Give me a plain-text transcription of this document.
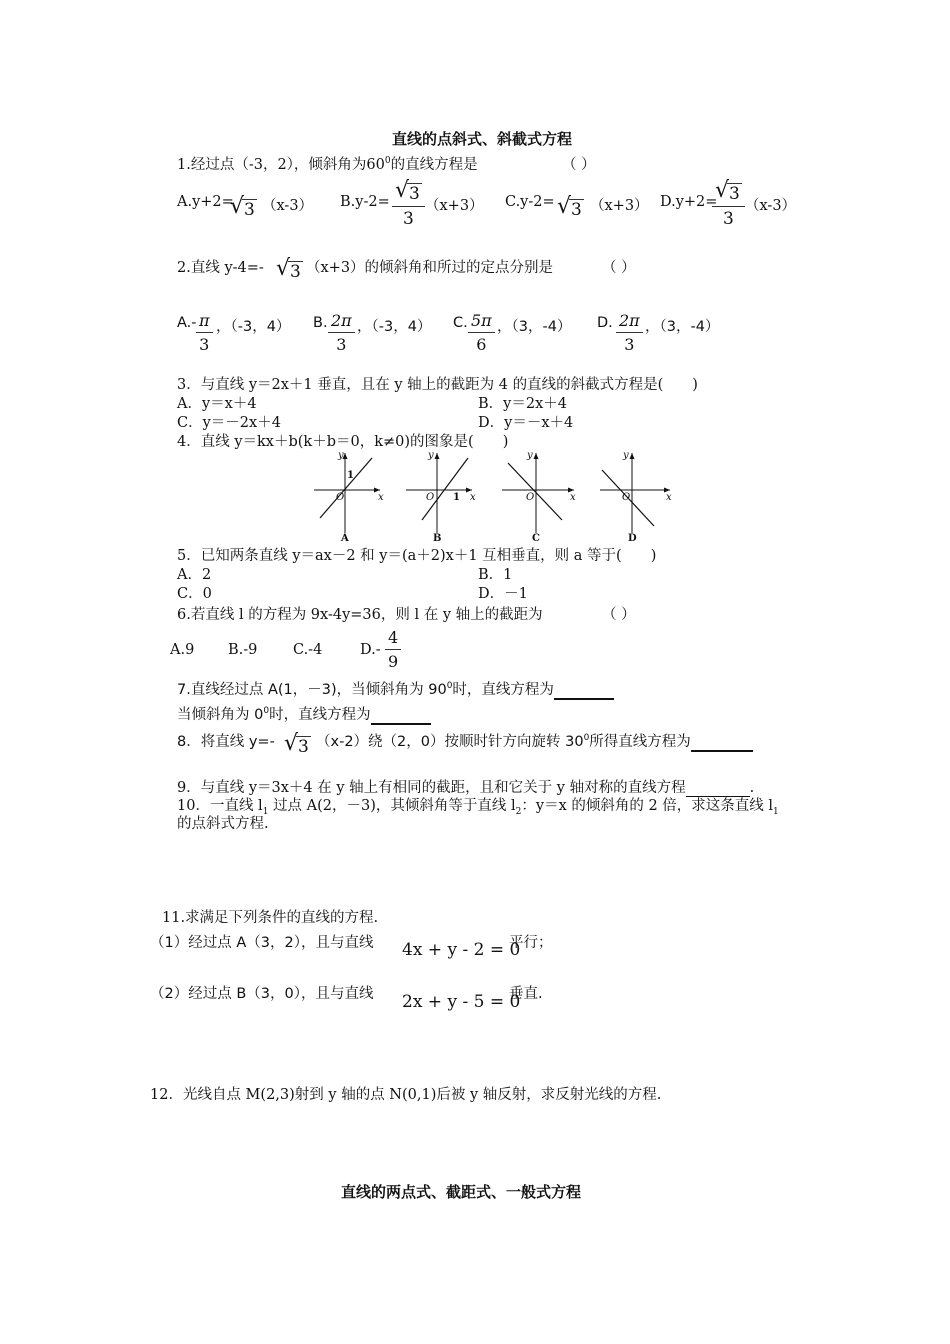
直线的点斜式、斜截式方程
1.经过点（-3，2），倾斜角为$60^0$的直线方程是	（ ）
A.y+2=
√ 3 （x-3） $B.y-2= \frac{√ 3}{3} (x+3)$ C.y-2= √ 3 （x+3） D.y+2=
$\frac{√ 3}{3} (x-3)$
2.直线 y-4=- √ 3 （x+3）的倾斜角和所过的定点分别是	（ ）
$A.- \frac{\pi}{3}$ ，（-3，4） B. $\frac{2\pi}{3}$ ，（-3，4） C. $\frac{5\pi}{6}$ ，（3，-4） D. $\frac{2\pi}{3}$ ，（3，-4）
3．与直线 y＝2x＋1 垂直，且在 y 轴上的截距为 4 的直线的斜截式方程是(　　)
A．y＝x＋4	B．y＝2x＋4
C．y＝－2x＋4	D．y＝－x＋4
4．直线 y＝kx＋b(k＋b＝0，k≠0)的图象是(　　)
y
x
O
1
A
y
x
O 1
B
y
x
O
C
y
x
O
D
5．已知两条直线 y＝ax－2 和 y＝(a＋2)x＋1 互相垂直，则 a 等于(　　)
A．2	B．1
C．0	D．－1
6.若直线 l 的方程为 9x-4y=36，则 l 在 y 轴上的截距为	（ ）
A.9 B.-9 C.-4	$D.- \frac{4}{9}$
7.直线经过点 A(1，－3)，当倾斜角为 $90^0$时，直线方程为
当倾斜角为 $0^0$时，直线方程为
8．将直线 y=- √ 3 （x-2）绕（2，0）按顺时针方向旋转 $30^0$所得直线方程为
9．与直线 y＝3x＋4 在 y 轴上有相同的截距，且和它关于 y 轴对称的直线方程	.
10．一直线 $l_1$ 过点 A(2，－3)，其倾斜角等于直线 $l_2$：y＝x 的倾斜角的 2 倍，求这条直线 $l_1$
的点斜式方程.
11.求满足下列条件的直线的方程.
（1）经过点 A（3，2），且与直线 4x + y - 2 = 0
平行；
（2）经过点 B（3，0），且与直线 2x + y - 5 = 0
垂直.
12．光线自点 M(2,3)射到 y 轴的点 N(0,1)后被 y 轴反射，求反射光线的方程.
直线的两点式、截距式、一般式方程
